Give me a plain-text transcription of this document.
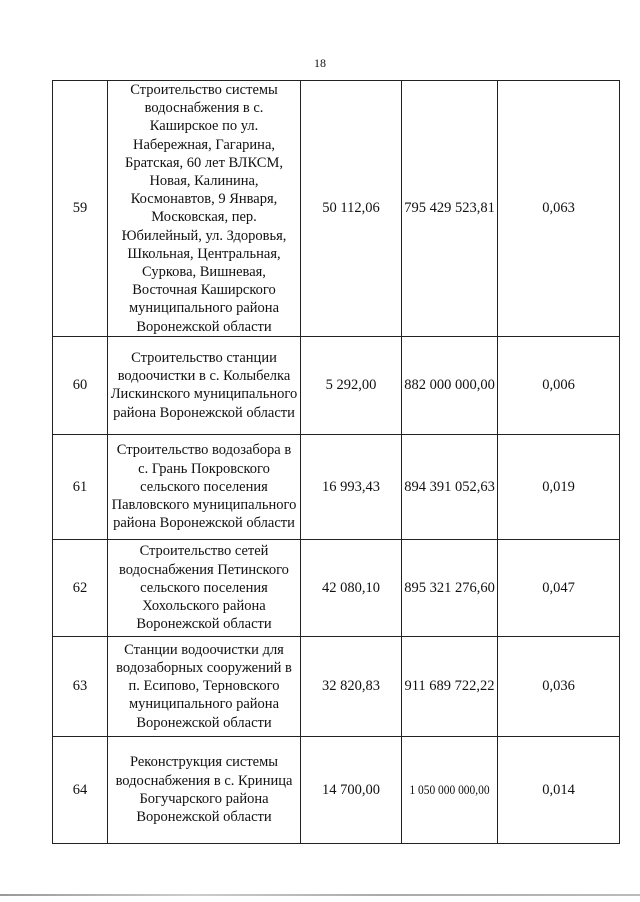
18
59	Строительство системы водоснабжения в с. Каширское по ул. Набережная, Гагарина, Братская, 60 лет ВЛКСМ, Новая, Калинина, Космонавтов, 9 Января, Московская, пер. Юбилейный, ул. Здоровья, Школьная, Центральная, Суркова, Вишневая, Восточная Каширского муниципального района Воронежской области	50 112,06	795 429 523,81	0,063
60	Строительство станции водоочистки в с. Колыбелка Лискинского муниципального района Воронежской области	5 292,00	882 000 000,00	0,006
61	Строительство водозабора в с. Грань Покровского сельского поселения Павловского муниципального района Воронежской области	16 993,43	894 391 052,63	0,019
62	Строительство сетей водоснабжения Петинского сельского поселения Хохольского района Воронежской области	42 080,10	895 321 276,60	0,047
63	Станции водоочистки для водозаборных сооружений в п. Есипово, Терновского муниципального района Воронежской области	32 820,83	911 689 722,22	0,036
64	Реконструкция системы водоснабжения в с. Криница Богучарского района Воронежской области	14 700,00	1 050 000 000,00	0,014
